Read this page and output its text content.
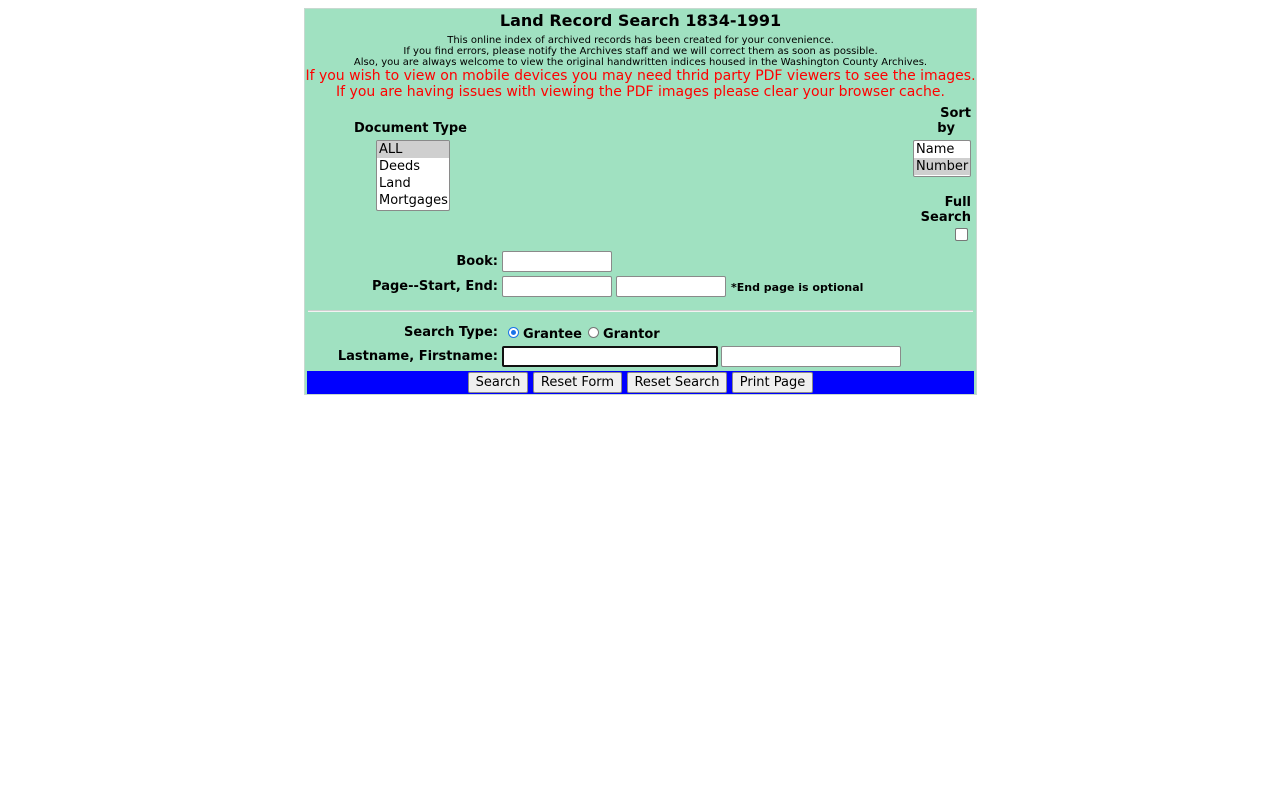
Land Record Search 1834-1991
This online index of archived records has been created for your convenience.
If you find errors, please notify the Archives staff and we will correct them as soon as possible.
Also, you are always welcome to view the original handwritten indices housed in the Washington County Archives.
If you wish to view on mobile devices you may need thrid party PDF viewers to see the images.
If you are having issues with viewing the PDF images please clear your browser cache.
Document Type
ALL
Deeds
Land
Mortgages
Sort
by
Name
Number
Full
Search
Book:
Page--Start, End:	*End page is optional
Search Type: Grantee Grantor
Lastname, Firstname:
Search	Reset Form	Reset Search	Print Page
